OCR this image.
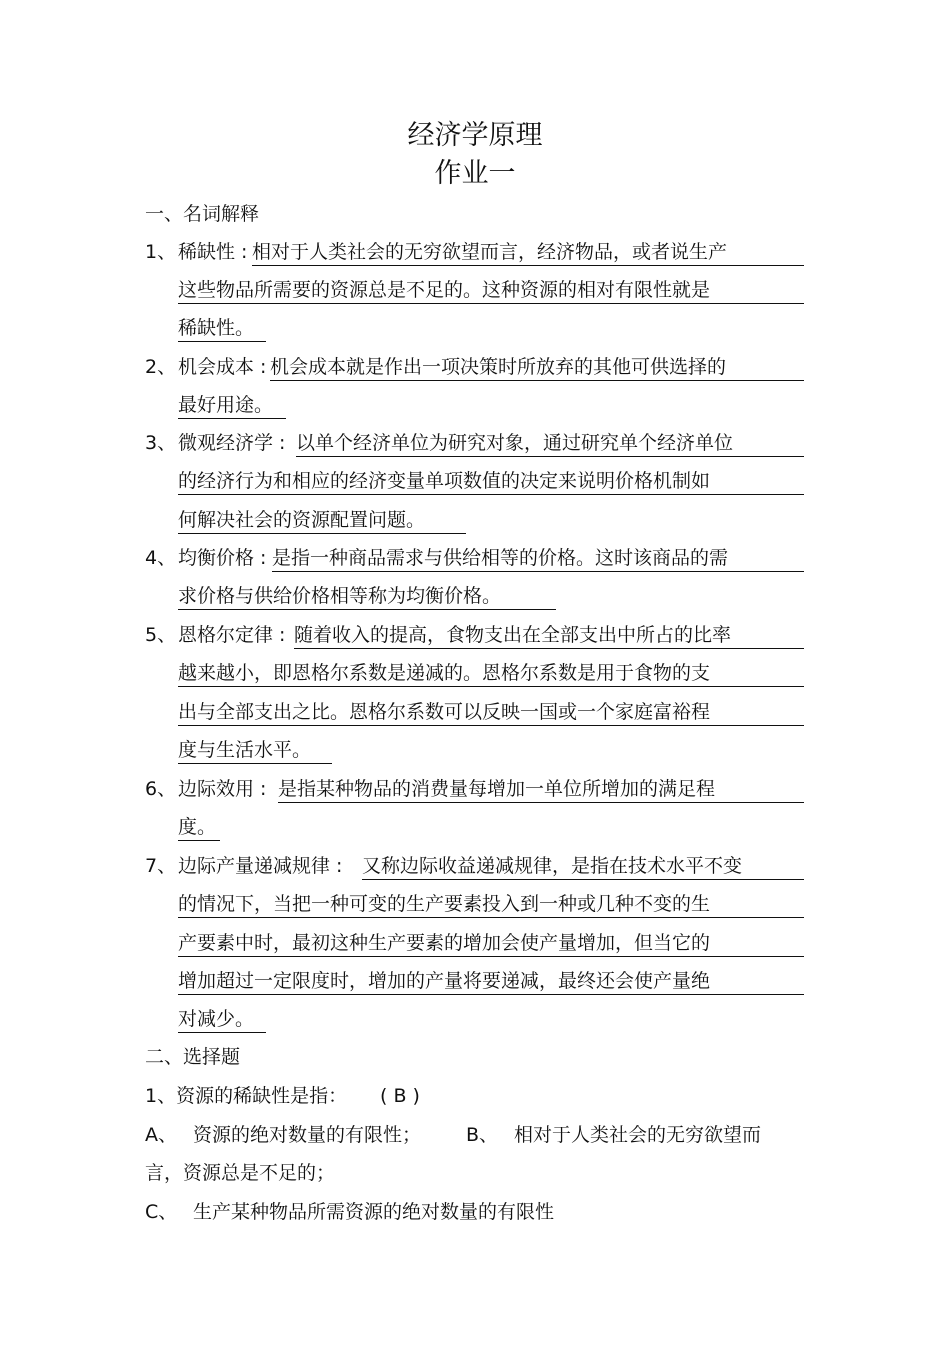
经济学原理
作业一
一、名词解释
1、 稀缺性 : 相对于人类社会的无穷欲望而言，经济物品，或者说生产
这些物品所需要的资源总是不足的。这种资源的相对有限性就是
稀缺性。
2、 机会成本 : 机会成本就是作出一项决策时所放弃的其他可供选择的
最好用途。
3、 微观经济学 : 以单个经济单位为研究对象，通过研究单个经济单位
的经济行为和相应的经济变量单项数值的决定来说明价格机制如
何解决社会的资源配置问题。
4、 均衡价格 : 是指一种商品需求与供给相等的价格。这时该商品的需
求价格与供给价格相等称为均衡价格。
5、 恩格尔定律 : 随着收入的提高，食物支出在全部支出中所占的比率
越来越小，即恩格尔系数是递减的。恩格尔系数是用于食物的支
出与全部支出之比。恩格尔系数可以反映一国或一个家庭富裕程
度与生活水平。
6、 边际效用 : 是指某种物品的消费量每增加一单位所增加的满足程
度。
7、 边际产量递减规律 : 又称边际收益递减规律，是指在技术水平不变
的情况下，当把一种可变的生产要素投入到一种或几种不变的生
产要素中时，最初这种生产要素的增加会使产量增加，但当它的
增加超过一定限度时，增加的产量将要递减，最终还会使产量绝
对减少。
二、选择题
1、资源的稀缺性是指： ( B )
A、 资源的绝对数量的有限性； B、 相对于人类社会的无穷欲望而
言，资源总是不足的；
C、 生产某种物品所需资源的绝对数量的有限性
